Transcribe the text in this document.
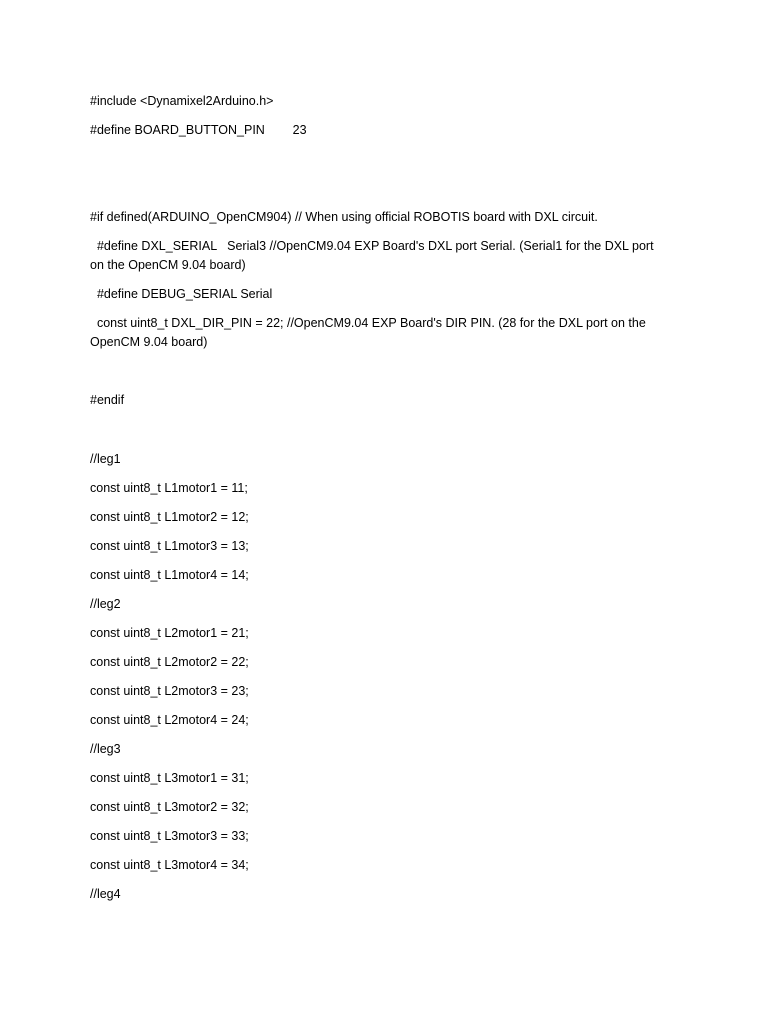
#include <Dynamixel2Arduino.h>

#define BOARD_BUTTON_PIN        23

#if defined(ARDUINO_OpenCM904) // When using official ROBOTIS board with DXL circuit.

#define DXL_SERIAL   Serial3 //OpenCM9.04 EXP Board's DXL port Serial. (Serial1 for the DXL port on the OpenCM 9.04 board)

#define DEBUG_SERIAL Serial

const uint8_t DXL_DIR_PIN = 22; //OpenCM9.04 EXP Board's DIR PIN. (28 for the DXL port on the OpenCM 9.04 board)

#endif

//leg1

const uint8_t L1motor1 = 11;

const uint8_t L1motor2 = 12;

const uint8_t L1motor3 = 13;

const uint8_t L1motor4 = 14;

//leg2

const uint8_t L2motor1 = 21;

const uint8_t L2motor2 = 22;

const uint8_t L2motor3 = 23;

const uint8_t L2motor4 = 24;

//leg3

const uint8_t L3motor1 = 31;

const uint8_t L3motor2 = 32;

const uint8_t L3motor3 = 33;

const uint8_t L3motor4 = 34;

//leg4
